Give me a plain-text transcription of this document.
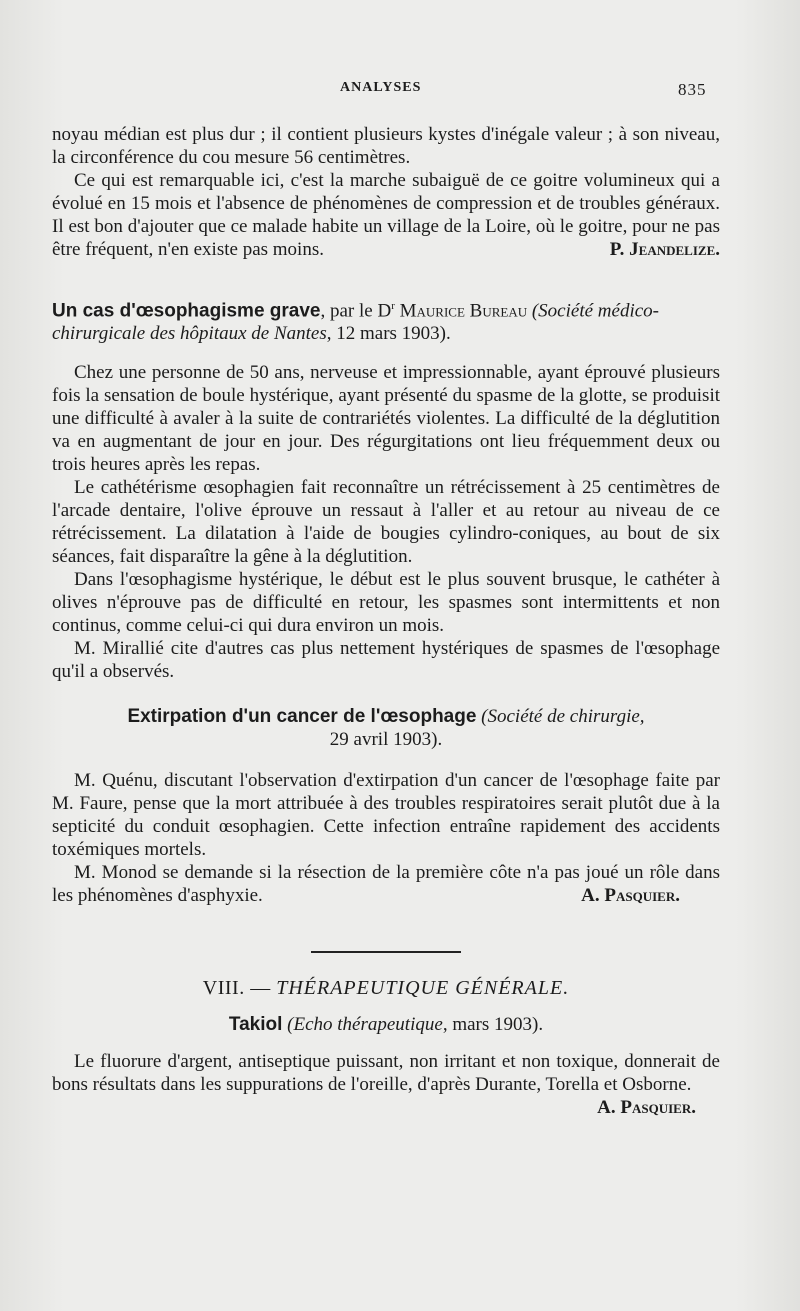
ANALYSES	835

noyau médian est plus dur ; il contient plusieurs kystes d'inégale valeur ; à son niveau, la circonférence du cou mesure 56 centimètres.

Ce qui est remarquable ici, c'est la marche subaiguë de ce goitre volumineux qui a évolué en 15 mois et l'absence de phénomènes de compression et de troubles généraux. Il est bon d'ajouter que ce malade habite un village de la Loire, où le goitre, pour ne pas être fréquent, n'en existe pas moins.	P. Jeandelize.

Un cas d'œsophagisme grave, par le $D^r$ Maurice Bureau (Société médico-chirurgicale des hôpitaux de Nantes, 12 mars 1903).

Chez une personne de 50 ans, nerveuse et impressionnable, ayant éprouvé plusieurs fois la sensation de boule hystérique, ayant présenté du spasme de la glotte, se produisit une difficulté à avaler à la suite de contrariétés violentes. La difficulté de la déglutition va en augmentant de jour en jour. Des régurgitations ont lieu fréquemment deux ou trois heures après les repas.

Le cathétérisme œsophagien fait reconnaître un rétrécissement à 25 centimètres de l'arcade dentaire, l'olive éprouve un ressaut à l'aller et au retour au niveau de ce rétrécissement. La dilatation à l'aide de bougies cylindro-coniques, au bout de six séances, fait disparaître la gêne à la déglutition.

Dans l'œsophagisme hystérique, le début est le plus souvent brusque, le cathéter à olives n'éprouve pas de difficulté en retour, les spasmes sont intermittents et non continus, comme celui-ci qui dura environ un mois.

M. Mirallié cite d'autres cas plus nettement hystériques de spasmes de l'œsophage qu'il a observés.

Extirpation d'un cancer de l'œsophage (Société de chirurgie,
29 avril 1903).

M. Quénu, discutant l'observation d'extirpation d'un cancer de l'œsophage faite par M. Faure, pense que la mort attribuée à des troubles respiratoires serait plutôt due à la septicité du conduit œsophagien. Cette infection entraîne rapidement des accidents toxémiques mortels.

M. Monod se demande si la résection de la première côte n'a pas joué un rôle dans les phénomènes d'asphyxie.	A. Pasquier.

VIII. — THÉRAPEUTIQUE GÉNÉRALE.
Takiol (Echo thérapeutique, mars 1903).

Le fluorure d'argent, antiseptique puissant, non irritant et non toxique, donnerait de bons résultats dans les suppurations de l'oreille, d'après Durante, Torella et Osborne.
A. Pasquier.
